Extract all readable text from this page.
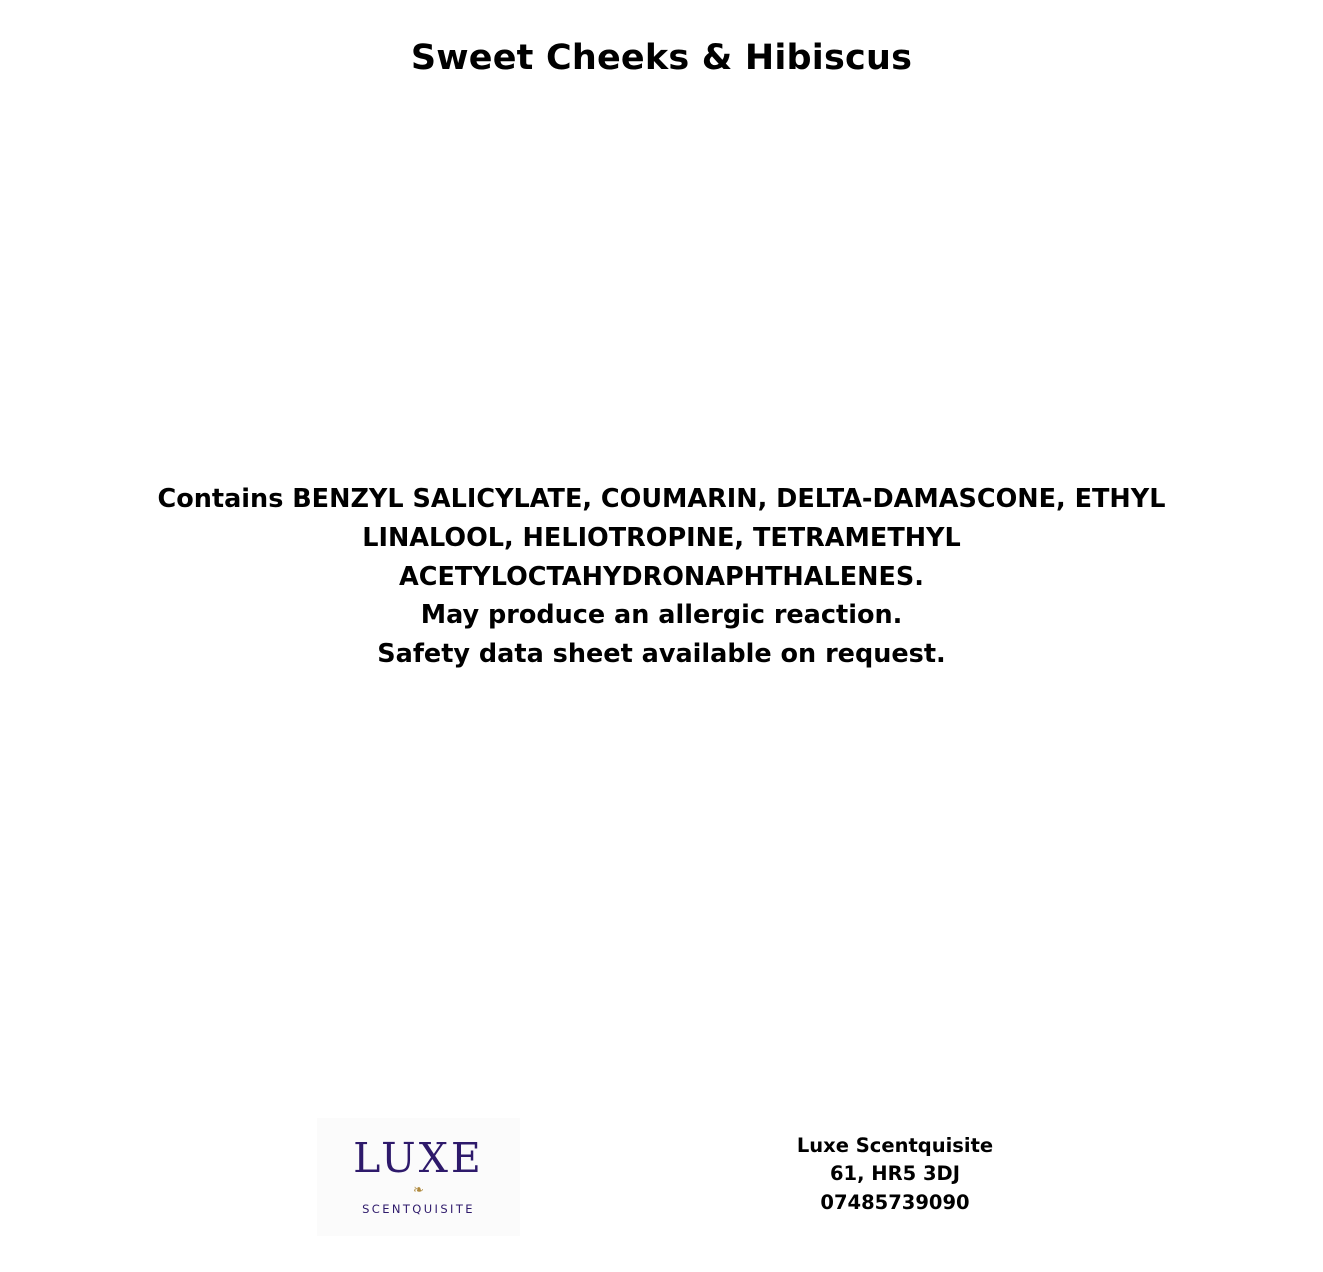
Sweet Cheeks & Hibiscus
Contains BENZYL SALICYLATE, COUMARIN, DELTA-DAMASCONE, ETHYL LINALOOL, HELIOTROPINE, TETRAMETHYL ACETYLOCTAHYDRONAPHTHALENES.
May produce an allergic reaction.
Safety data sheet available on request.
LUXE
❧
SCENTQUISITE
Luxe Scentquisite
61, HR5 3DJ
07485739090
